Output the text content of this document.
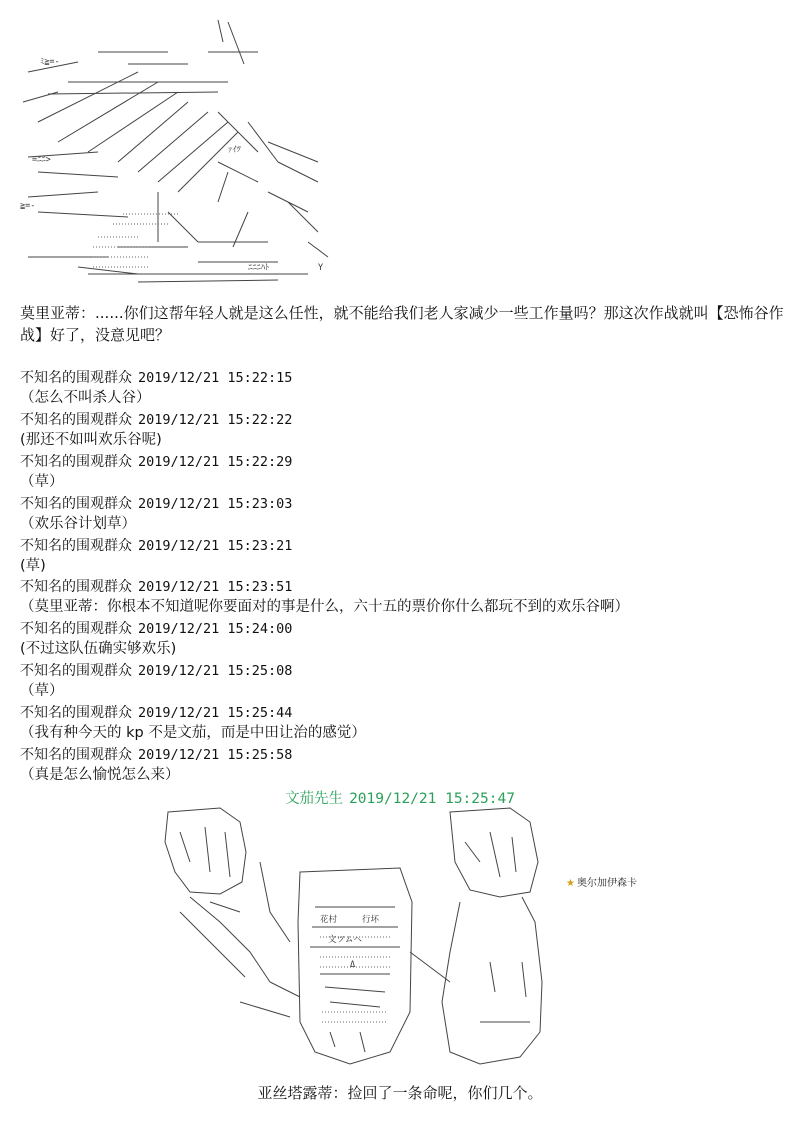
ﾐ≧=-
ｧｲﾂ
=ﾆﾆ>
≧=-
ﾆﾆﾆﾊﾄ	Y
莫里亚蒂：......你们这帮年轻人就是这么任性，就不能给我们老人家减少一些工作量吗？那这次作战就叫【恐怖谷作战】好了，没意见吧？
不知名的围观群众 2019/12/21 15:22:15
（怎么不叫杀人谷）
不知名的围观群众 2019/12/21 15:22:22
(那还不如叫欢乐谷呢)
不知名的围观群众 2019/12/21 15:22:29
（草）
不知名的围观群众 2019/12/21 15:23:03
（欢乐谷计划草）
不知名的围观群众 2019/12/21 15:23:21
(草)
不知名的围观群众 2019/12/21 15:23:51
（莫里亚蒂：你根本不知道呢你要面对的事是什么，六十五的票价你什么都玩不到的欢乐谷啊）
不知名的围观群众 2019/12/21 15:24:00
(不过这队伍确实够欢乐)
不知名的围观群众 2019/12/21 15:25:08
（草）
不知名的围观群众 2019/12/21 15:25:44
（我有种今天的 kp 不是文茄，而是中田让治的感觉）
不知名的围观群众 2019/12/21 15:25:58
（真是怎么愉悦怎么来）
文茄先生 2019/12/21 15:25:47
花村	行坏
文ツムヘ
Δ
★ 奥尔加伊森卡
亚丝塔露蒂：捡回了一条命呢，你们几个。
